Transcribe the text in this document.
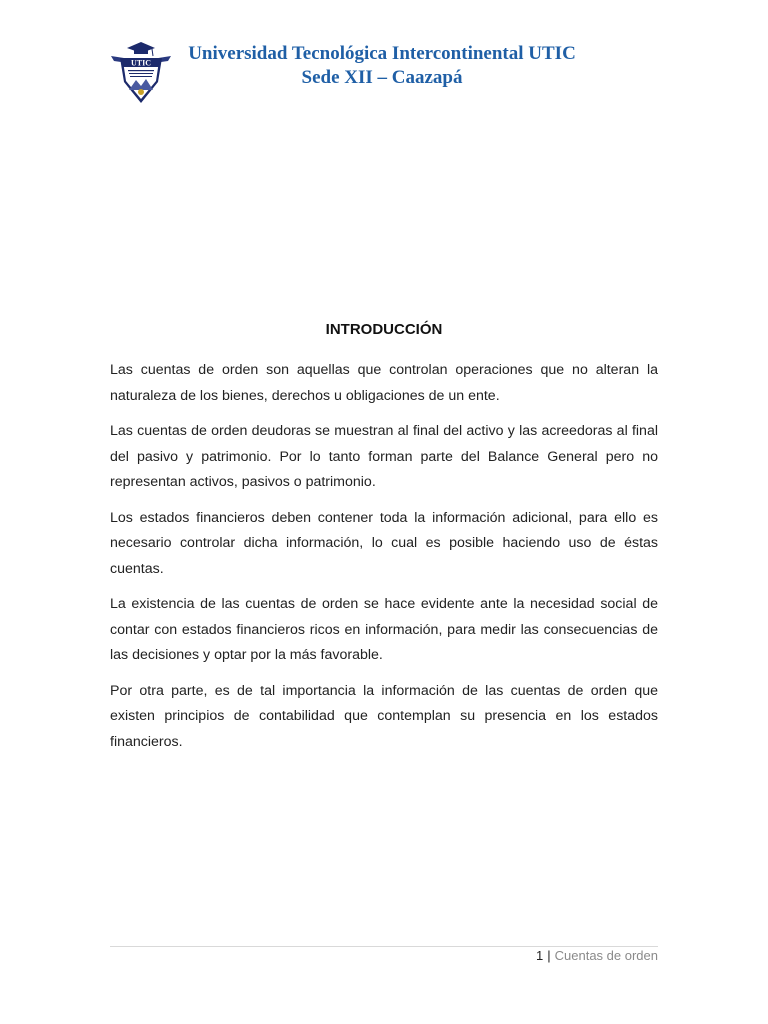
UTIC	Universidad Tecnológica Intercontinental UTIC
Sede XII – Caazapá
INTRODUCCIÓN

Las cuentas de orden son aquellas que controlan operaciones que no alteran la naturaleza de los bienes, derechos u obligaciones de un ente.

Las cuentas de orden deudoras se muestran al final del activo y las acreedoras al final del pasivo y patrimonio. Por lo tanto forman parte del Balance General pero no representan activos, pasivos o patrimonio.

Los estados financieros deben contener toda la información adicional, para ello es necesario controlar dicha información, lo cual es posible haciendo uso de éstas cuentas.

La existencia de las cuentas de orden se hace evidente ante la necesidad social de contar con estados financieros ricos en información, para medir las consecuencias de las decisiones y optar por la más favorable.

Por otra parte, es de tal importancia la información de las cuentas de orden que existen principios de contabilidad que contemplan su presencia en los estados financieros.

1 | Cuentas de orden
